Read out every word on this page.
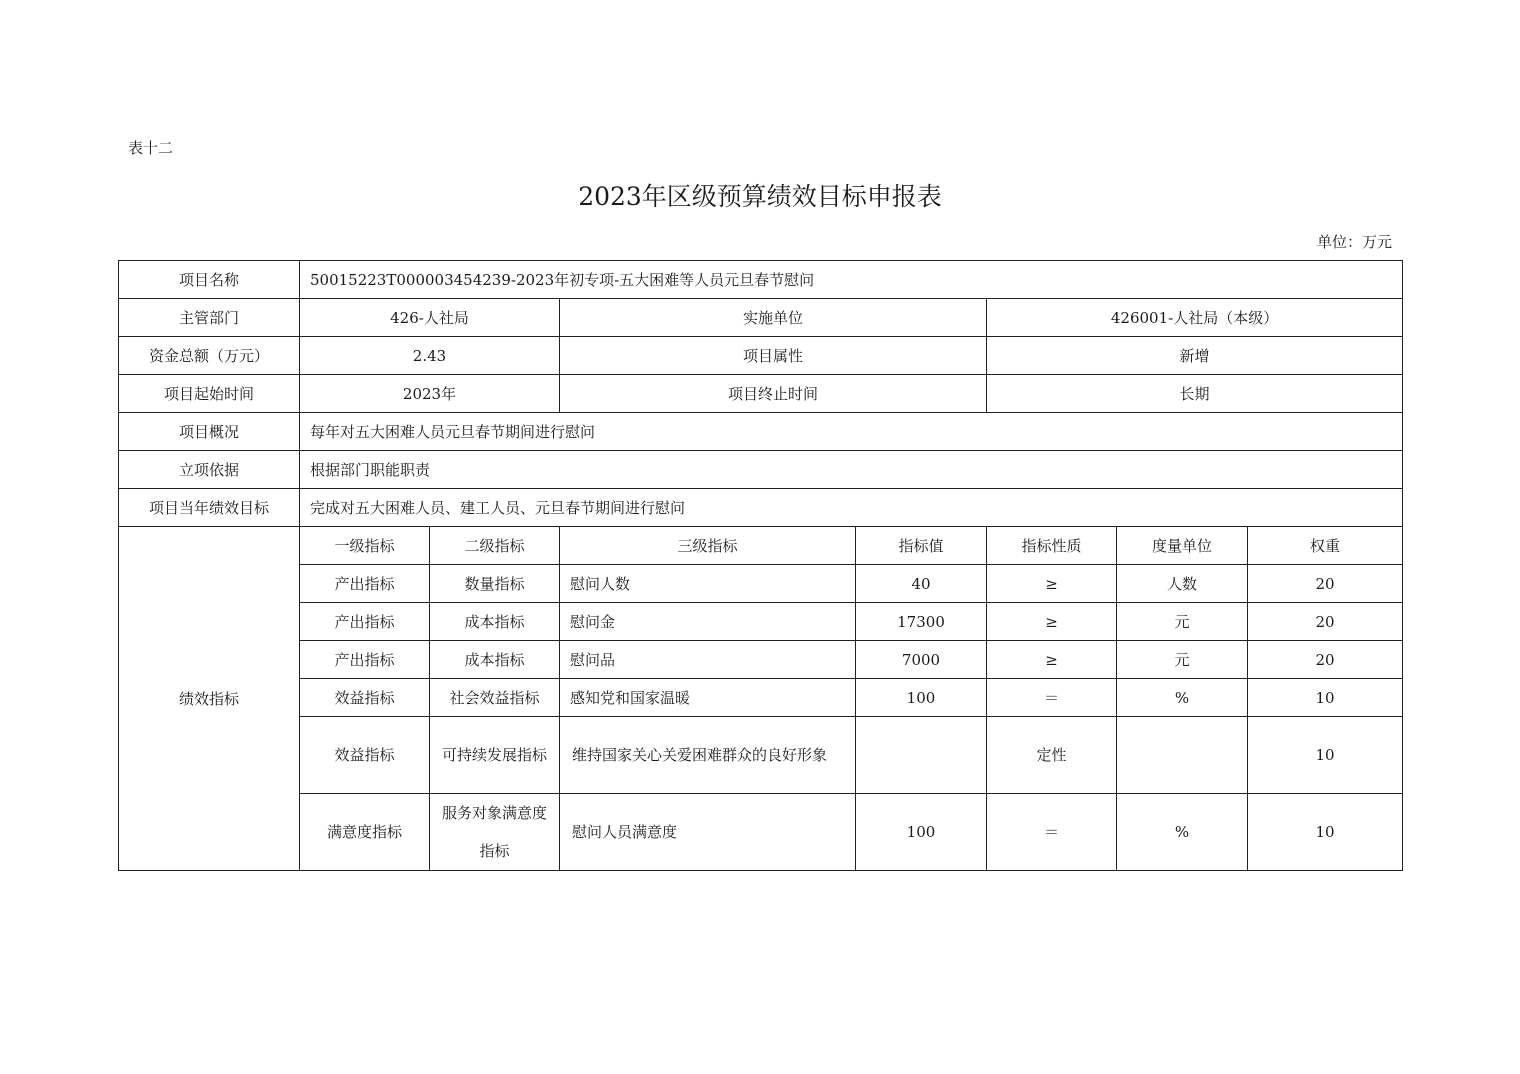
表十二
2023年区级预算绩效目标申报表
单位：万元
项目名称	50015223T000003454239-2023年初专项-五大困难等人员元旦春节慰问						
主管部门	426-人社局		实施单位		426001-人社局（本级）		
资金总额（万元）	2.43		项目属性		新增		
项目起始时间	2023年		项目终止时间		长期		
项目概况	每年对五大困难人员元旦春节期间进行慰问						
立项依据	根据部门职能职责						
项目当年绩效目标	完成对五大困难人员、建工人员、元旦春节期间进行慰问						
绩效指标	一级指标	二级指标	三级指标	指标值	指标性质	度量单位	权重
	产出指标	数量指标	慰问人数	40	≥	人数	20
	产出指标	成本指标	慰问金	17300	≥	元	20
	产出指标	成本指标	慰问品	7000	≥	元	20
	效益指标	社会效益指标	感知党和国家温暖	100	＝	%	10
	效益指标	可持续发展指标	维持国家关心关爱困难群众的良好形象		定性		10
	满意度指标	服务对象满意度指标	慰问人员满意度	100	＝	%	10
